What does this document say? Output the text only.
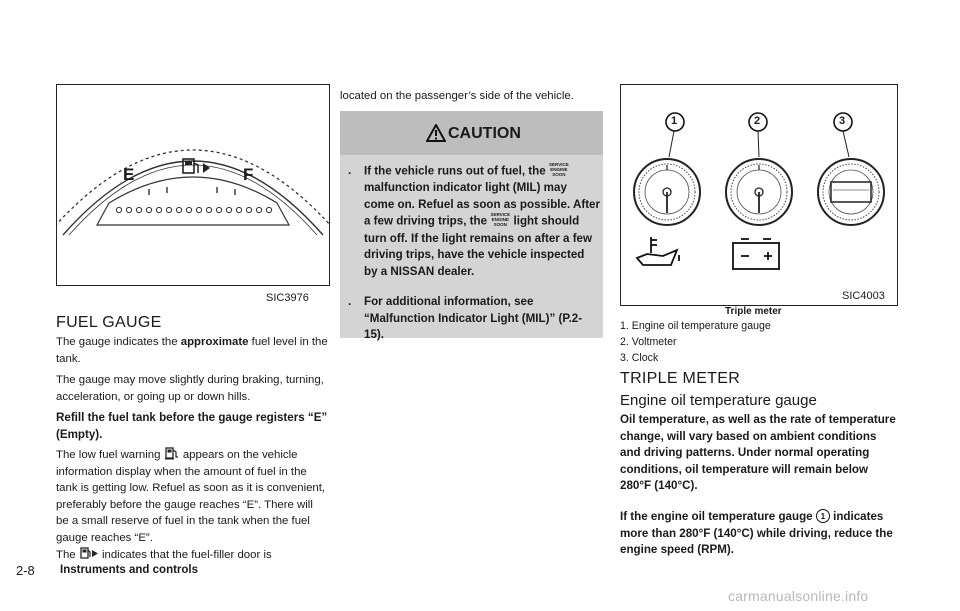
E	F
SIC3976
FUEL GAUGE

The gauge indicates the approximate fuel level in the tank.

The gauge may move slightly during braking, turning, acceleration, or going up or down hills.

Refill the fuel tank before the gauge registers “E” (Empty).

The low fuel warning appears on the vehicle information display when the amount of fuel in the tank is getting low. Refuel as soon as it is convenient, preferably before the gauge reaches “E”. There will be a small reserve of fuel in the tank when the fuel gauge reaches “E”.

The indicates that the fuel-filler door is

located on the passenger’s side of the vehicle.

CAUTION
. If the vehicle runs out of fuel, the
SERVICE
ENGINE
SOON
malfunction indicator light (MIL) may come on. Refuel as soon as possible. After a few driving trips, the
SERVICE
ENGINE
SOON light should turn off. If the light remains on after a few driving trips, have the vehicle inspected by a NISSAN dealer.
. For additional information, see “Malfunction Indicator Light (MIL)” (P.2-15).
1	2	3
SIC4003
Triple meter
1. Engine oil temperature gauge
2. Voltmeter
3. Clock
TRIPLE METER
Engine oil temperature gauge

Oil temperature, as well as the rate of temperature change, will vary based on ambient conditions and driving patterns. Under normal operating conditions, oil temperature will remain below 280°F (140°C).

If the engine oil temperature gauge 1 indicates more than 280°F (140°C) while driving, reduce the engine speed (RPM).

2-8 Instruments and controls
carmanualsonline.info
